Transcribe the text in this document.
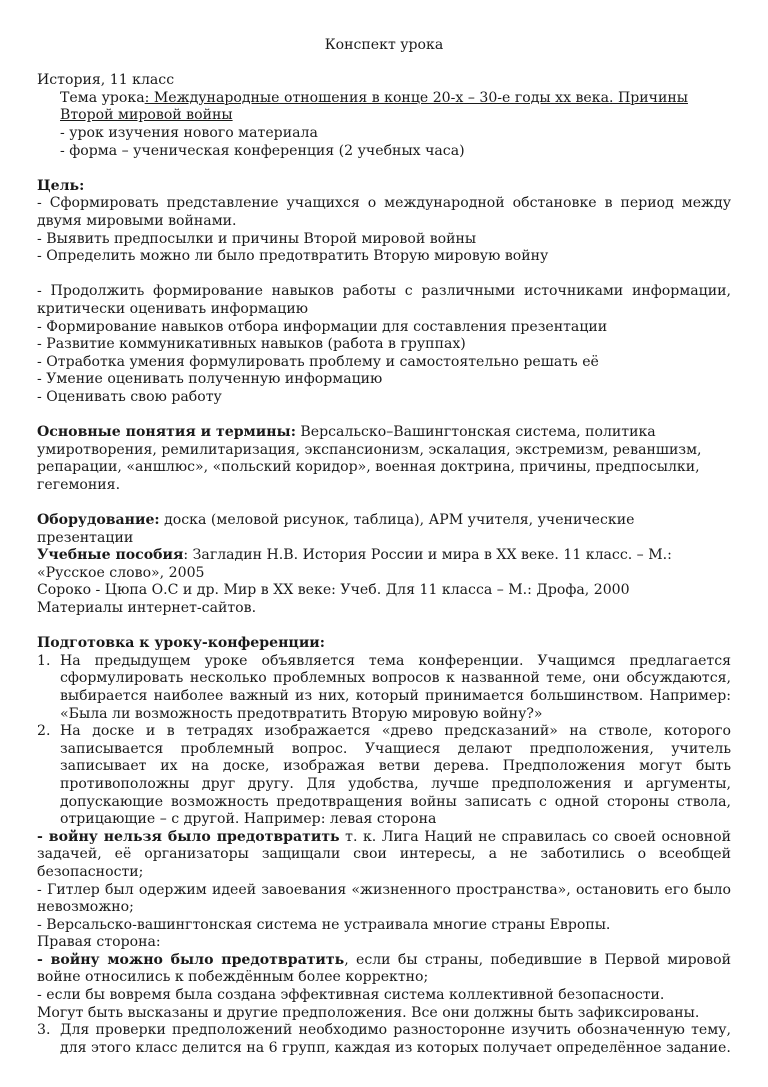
Конспект урока
История, 11 класс
Тема урока: Международные отношения в конце 20-х – 30-е годы хх века. Причины Второй мировой войны
- урок изучения нового материала
- форма – ученическая конференция (2 учебных часа)
Цель:

- Сформировать представление учащихся о международной обстановке в период между двумя мировыми войнами.

- Выявить предпосылки и причины Второй мировой войны

- Определить можно ли было предотвратить Вторую мировую войну

- Продолжить формирование навыков работы с различными источниками информации, критически оценивать информацию

- Формирование навыков отбора информации для составления презентации

- Развитие коммуникативных навыков (работа в группах)

- Отработка умения формулировать проблему и самостоятельно решать её

- Умение оценивать полученную информацию

- Оценивать свою работу

Основные понятия и термины: Версальско–Вашингтонская система, политика умиротворения, ремилитаризация, экспансионизм, эскалация, экстремизм, реваншизм, репарации, «аншлюс», «польский коридор», военная доктрина, причины, предпосылки, гегемония.

Оборудование: доска (меловой рисунок, таблица), АРМ учителя, ученические презентации

Учебные пособия: Загладин Н.В. История России и мира в XX веке. 11 класс. – М.: «Русское слово», 2005

Сороко - Цюпа О.С и др. Мир в XX веке: Учеб. Для 11 класса – М.: Дрофа, 2000

Материалы интернет-сайтов.

Подготовка к уроку-конференции:
1. На предыдущем уроке объявляется тема конференции. Учащимся предлагается сформулировать несколько проблемных вопросов к названной теме, они обсуждаются, выбирается наиболее важный из них, который принимается большинством. Например: «Была ли возможность предотвратить Вторую мировую войну?»
2. На доске и в тетрадях изображается «древо предсказаний» на стволе, которого записывается проблемный вопрос. Учащиеся делают предположения, учитель записывает их на доске, изображая ветви дерева. Предположения могут быть противоположны друг другу. Для удобства, лучше предположения и аргументы, допускающие возможность предотвращения войны записать с одной стороны ствола, отрицающие – с другой. Например: левая сторона

- войну нельзя было предотвратить т. к. Лига Наций не справилась со своей основной задачей, её организаторы защищали свои интересы, а не заботились о всеобщей безопасности;

- Гитлер был одержим идеей завоевания «жизненного пространства», остановить его было невозможно;

- Версальско-вашингтонская система не устраивала многие страны Европы.

Правая сторона:

- войну можно было предотвратить, если бы страны, победившие в Первой мировой войне относились к побеждённым более корректно;

- если бы вовремя была создана эффективная система коллективной безопасности.

Могут быть высказаны и другие предположения. Все они должны быть зафиксированы.

3. Для проверки предположений необходимо разносторонне изучить обозначенную тему, для этого класс делится на 6 групп, каждая из которых получает определённое задание.
